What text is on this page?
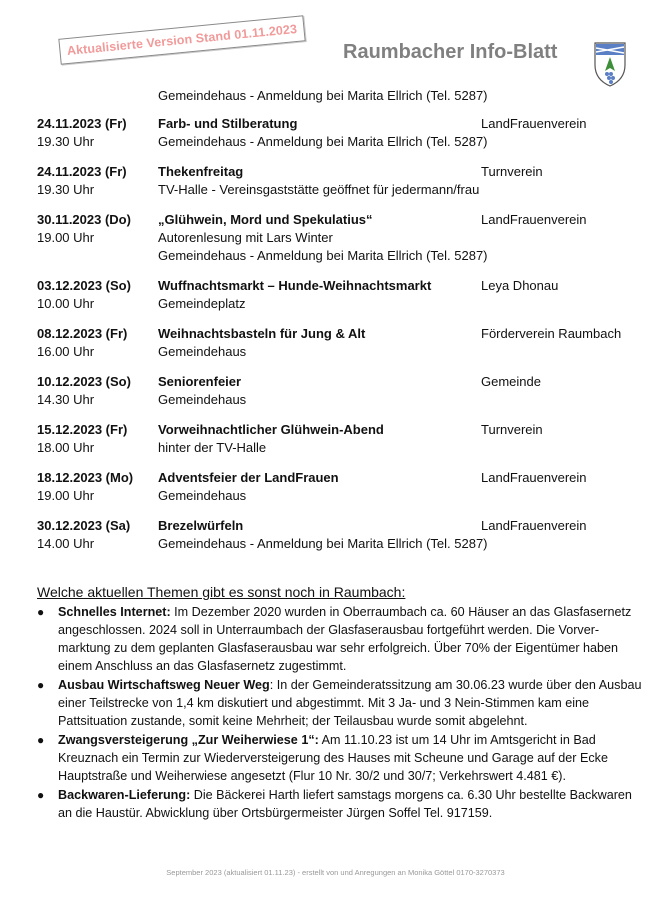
Aktualisierte Version Stand 01.11.2023	Raumbacher Info-Blatt
Gemeindehaus - Anmeldung bei Marita Ellrich (Tel. 5287)
24.11.2023 (Fr)
19.30 Uhr
Farb- und Stilberatung
Gemeindehaus - Anmeldung bei Marita Ellrich (Tel. 5287)
LandFrauenverein
24.11.2023 (Fr)
19.30 Uhr
Thekenfreitag
TV-Halle - Vereinsgaststätte geöffnet für jedermann/frau
Turnverein
30.11.2023 (Do)
19.00 Uhr
„Glühwein, Mord und Spekulatius“
Autorenlesung mit Lars Winter
Gemeindehaus - Anmeldung bei Marita Ellrich (Tel. 5287)
LandFrauenverein
03.12.2023 (So)
10.00 Uhr
Wuffnachtsmarkt – Hunde-Weihnachtsmarkt
Gemeindeplatz
Leya Dhonau
08.12.2023 (Fr)
16.00 Uhr
Weihnachtsbasteln für Jung & Alt
Gemeindehaus
Förderverein Raumbach
10.12.2023 (So)
14.30 Uhr
Seniorenfeier
Gemeindehaus
Gemeinde
15.12.2023 (Fr)
18.00 Uhr
Vorweihnachtlicher Glühwein-Abend
hinter der TV-Halle
Turnverein
18.12.2023 (Mo)
19.00 Uhr
Adventsfeier der LandFrauen
Gemeindehaus
LandFrauenverein
30.12.2023 (Sa)
14.00 Uhr
Brezelwürfeln
Gemeindehaus - Anmeldung bei Marita Ellrich (Tel. 5287)
LandFrauenverein
Welche aktuellen Themen gibt es sonst noch in Raumbach:
● Schnelles Internet: Im Dezember 2020 wurden in Oberraumbach ca. 60 Häuser an das Glasfasernetz angeschlossen. 2024 soll in Unterraumbach der Glasfaserausbau fortgeführt werden. Die Vorver-marktung zu dem geplanten Glasfaserausbau war sehr erfolgreich. Über 70% der Eigentümer haben einem Anschluss an das Glasfasernetz zugestimmt.
● Ausbau Wirtschaftsweg Neuer Weg: In der Gemeinderatssitzung am 30.06.23 wurde über den Ausbau einer Teilstrecke von 1,4 km diskutiert und abgestimmt. Mit 3 Ja- und 3 Nein-Stimmen kam eine Pattsituation zustande, somit keine Mehrheit; der Teilausbau wurde somit abgelehnt.
● Zwangsversteigerung „Zur Weiherwiese 1“: Am 11.10.23 ist um 14 Uhr im Amtsgericht in Bad Kreuznach ein Termin zur Wiederversteigerung des Hauses mit Scheune und Garage auf der Ecke Hauptstraße und Weiherwiese angesetzt (Flur 10 Nr. 30/2 und 30/7; Verkehrswert 4.481 €).
● Backwaren-Lieferung: Die Bäckerei Harth liefert samstags morgens ca. 6.30 Uhr bestellte Backwaren an die Haustür. Abwicklung über Ortsbürgermeister Jürgen Soffel Tel. 917159.
September 2023 (aktualisiert 01.11.23) - erstellt von und Anregungen an Monika Göttel 0170-3270373
